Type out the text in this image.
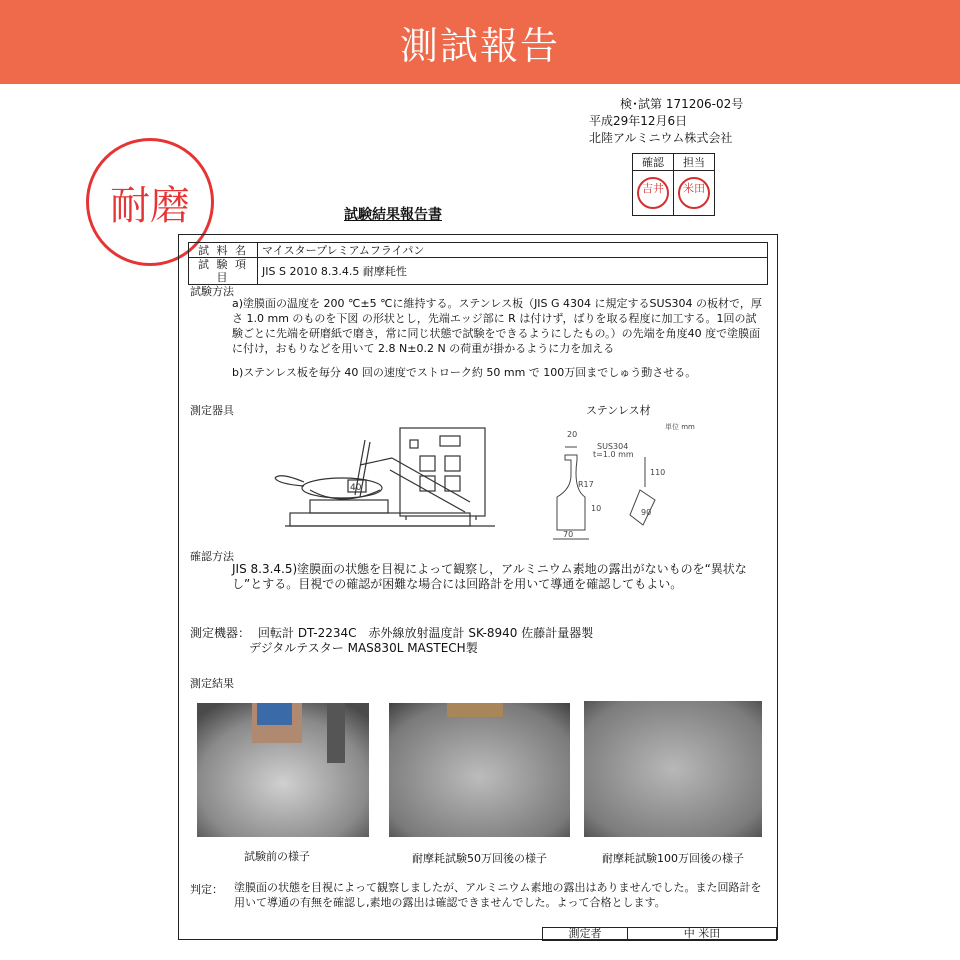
測試報告
検･試第 171206-02号
平成29年12月6日
北陸アルミニウム株式会社
確認	担当
吉井	米田
耐磨	試験結果報告書
試 料 名	マイスタープレミアムフライパン
試 験 項 目	JIS S 2010 8.3.4.5 耐摩耗性
試験方法
a)塗膜面の温度を 200 ℃±5 ℃に維持する。ステンレス板（JIS G 4304 に規定するSUS304 の板材で，厚さ 1.0 mm のものを下図 の形状とし，先端エッジ部に R は付けず，ばりを取る程度に加工する。1回の試験ごとに先端を研磨紙で磨き，常に同じ状態で試験をできるようにしたもの。）の先端を角度40 度で塗膜面に付け，おもりなどを用いて 2.8 N±0.2 N の荷重が掛かるように力を加える
b)ステンレス板を毎分 40 回の速度でストローク約 50 mm で 100万回までしゅう動させる。
測定器具
40
ステンレス材
単位 mm
SUS304
t=1.0 mm
20
R17
110
10
70
90
確認方法
JIS 8.3.4.5)塗膜面の状態を目視によって観察し，アルミニウム素地の露出がないものを“異状なし”とする。目視での確認が困難な場合には回路計を用いて導通を確認してもよい。
測定機器： 回転計 DT-2234C　赤外線放射温度計 SK-8940 佐藤計量器製
デジタルテスター MAS830L MASTECH製
測定結果
試験前の様子	耐摩耗試験50万回後の様子	耐摩耗試験100万回後の様子
判定： 塗膜面の状態を目視によって観察しましたが、アルミニウム素地の露出はありませんでした。また回路計を用いて導通の有無を確認し,素地の露出は確認できませんでした。よって合格とします。
測定者	中 米田
